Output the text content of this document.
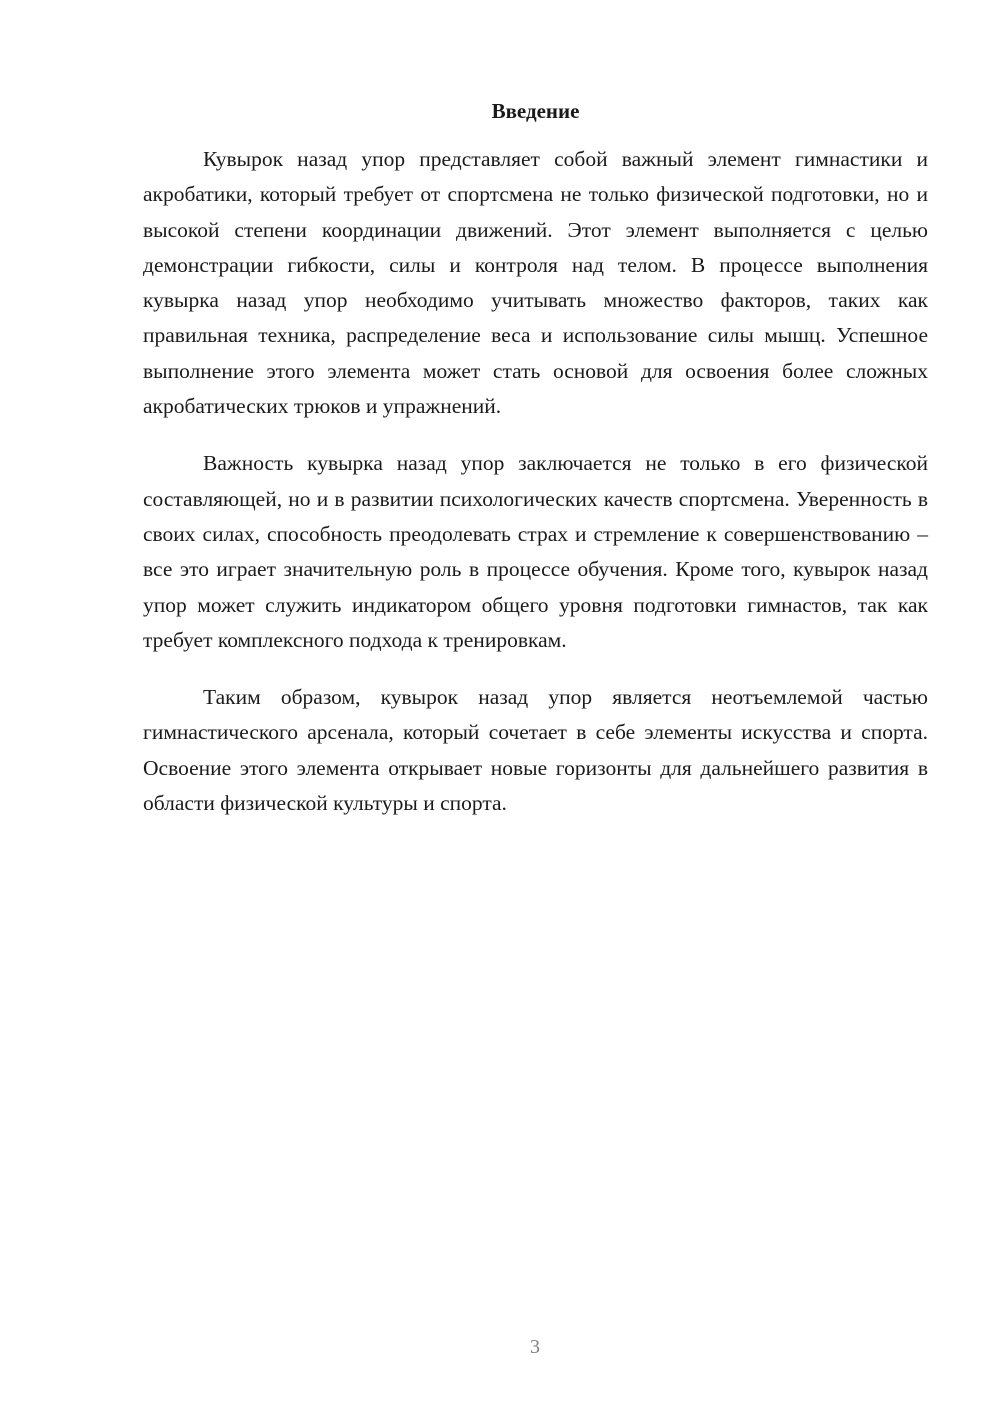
Введение

Кувырок назад упор представляет собой важный элемент гимнастики и акробатики, который требует от спортсмена не только физической подготовки, но и высокой степени координации движений. Этот элемент выполняется с целью демонстрации гибкости, силы и контроля над телом. В процессе выполнения кувырка назад упор необходимо учитывать множество факторов, таких как правильная техника, распределение веса и использование силы мышц. Успешное выполнение этого элемента может стать основой для освоения более сложных акробатических трюков и упражнений.

Важность кувырка назад упор заключается не только в его физической составляющей, но и в развитии психологических качеств спортсмена. Уверенность в своих силах, способность преодолевать страх и стремление к совершенствованию – все это играет значительную роль в процессе обучения. Кроме того, кувырок назад упор может служить индикатором общего уровня подготовки гимнастов, так как требует комплексного подхода к тренировкам.

Таким образом, кувырок назад упор является неотъемлемой частью гимнастического арсенала, который сочетает в себе элементы искусства и спорта. Освоение этого элемента открывает новые горизонты для дальнейшего развития в области физической культуры и спорта.

3
